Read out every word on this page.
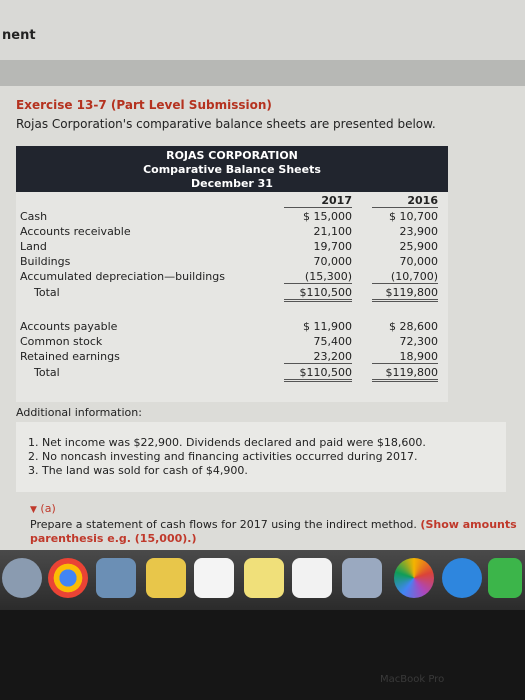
nent
Exercise 13-7 (Part Level Submission)
Rojas Corporation's comparative balance sheets are presented below.
ROJAS CORPORATION
Comparative Balance Sheets
December 31
2017	2016
Cash	$ 15,000	$ 10,700
Accounts receivable	21,100	23,900
Land	19,700	25,900
Buildings	70,000	70,000
Accumulated depreciation—buildings	(15,300)	(10,700)
Total	$110,500	$119,800
Accounts payable	$ 11,900	$ 28,600
Common stock	75,400	72,300
Retained earnings	23,200	18,900
Total	$110,500	$119,800
Additional information:
1. Net income was $22,900. Dividends declared and paid were $18,600.
2. No noncash investing and financing activities occurred during 2017.
3. The land was sold for cash of $4,900.
▼ (a)
Prepare a statement of cash flows for 2017 using the indirect method. (Show amounts
parenthesis e.g. (15,000).)
MacBook Pro
